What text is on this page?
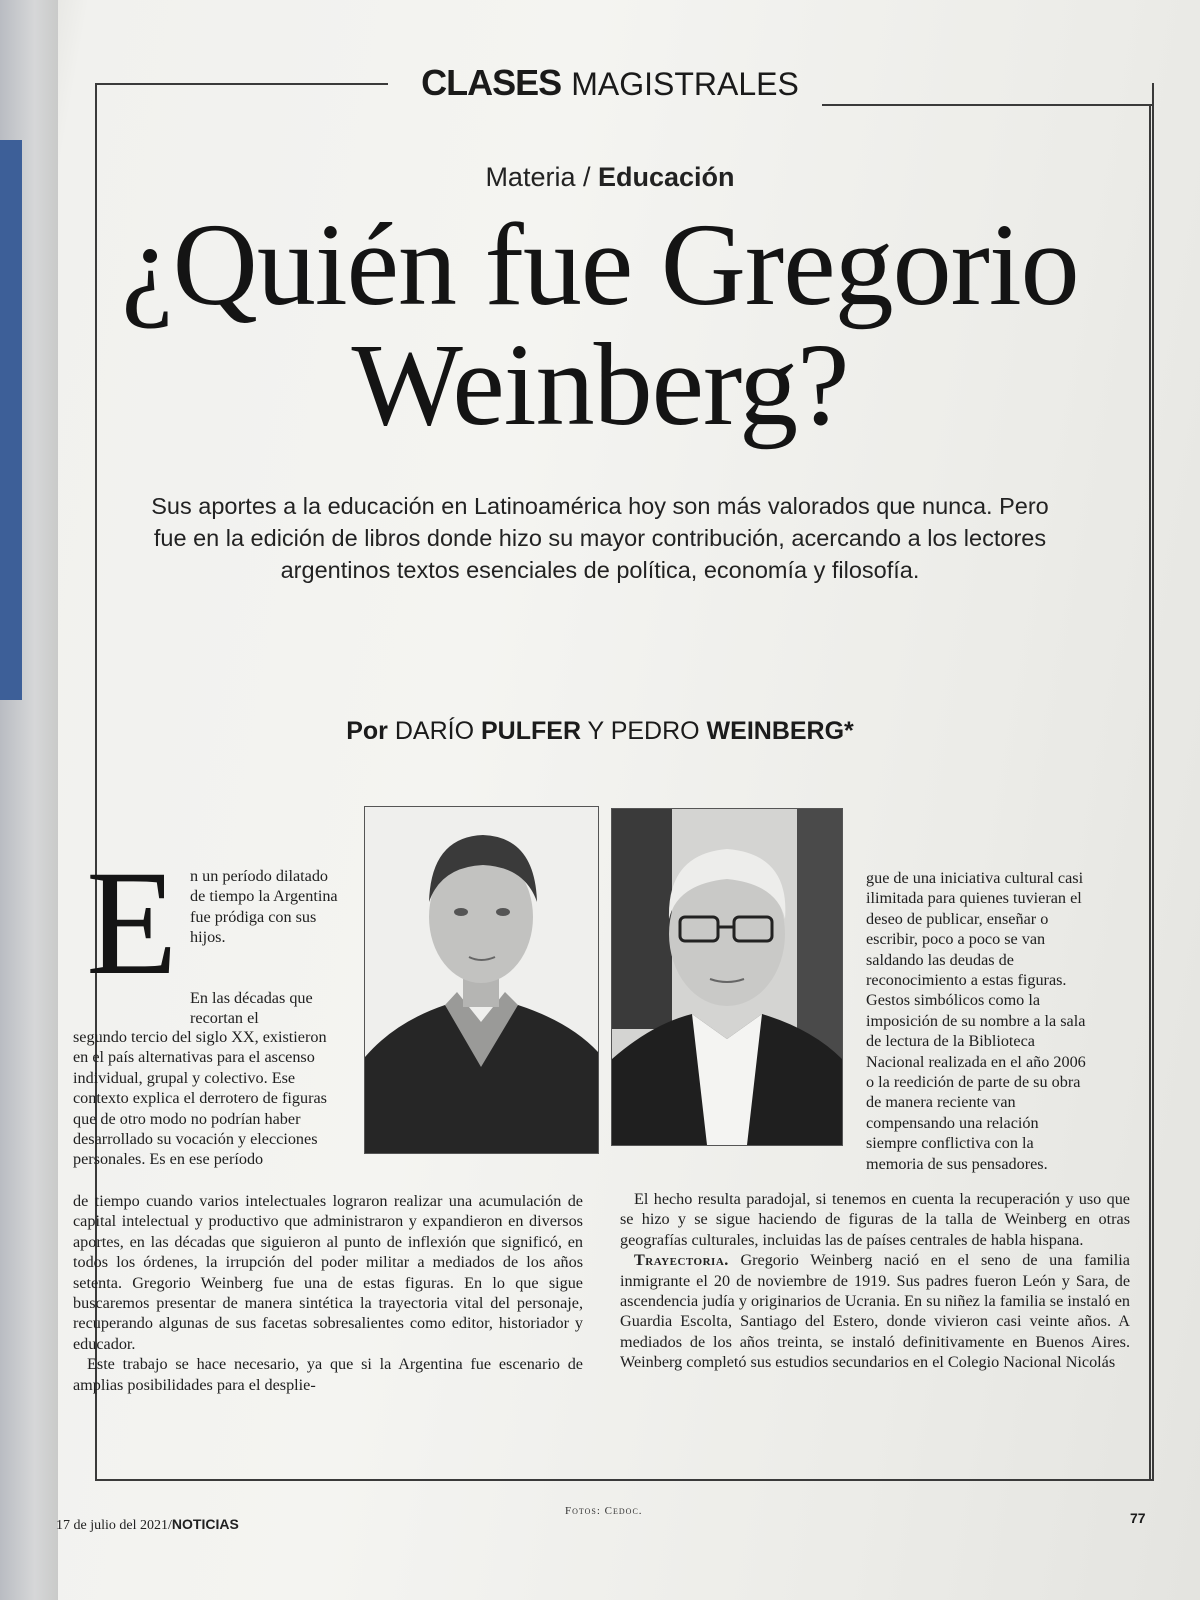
CLASES MAGISTRALES
Materia / Educación
¿Quién fue Gregorio
Weinberg?
Sus aportes a la educación en Latinoamérica hoy son más valorados que nunca. Pero fue en la edición de libros donde hizo su mayor contribución, acercando a los lectores argentinos textos esenciales de política, economía y filosofía.
Por DARÍO PULFER Y PEDRO WEINBERG*
E n un período dilatado de tiempo la Argentina fue pródiga con sus hijos.
En las décadas que recortan el
segundo tercio del siglo XX, existieron en el país alternativas para el ascenso individual, grupal y colectivo. Ese contexto explica el derrotero de figuras que de otro modo no podrían haber desarrollado su vocación y elecciones personales. Es en ese período

de tiempo cuando varios intelectuales lograron realizar una acumulación de capital intelectual y productivo que administraron y expandieron en diversos aportes, en las décadas que siguieron al punto de inflexión que significó, en todos los órdenes, la irrupción del poder militar a mediados de los años setenta. Gregorio Weinberg fue una de estas figuras. En lo que sigue buscaremos presentar de manera sintética la trayectoria vital del personaje, recuperando algunas de sus facetas sobresalientes como editor, historiador y educador.

Este trabajo se hace necesario, ya que si la Argentina fue escenario de amplias posibilidades para el desplie-

gue de una iniciativa cultural casi ilimitada para quienes tuvieran el deseo de publicar, enseñar o escribir, poco a poco se van saldando las deudas de reconocimiento a estas figuras. Gestos simbólicos como la imposición de su nombre a la sala de lectura de la Biblioteca Nacional realizada en el año 2006 o la reedición de parte de su obra de manera reciente van compensando una relación siempre conflictiva con la memoria de sus pensadores.

El hecho resulta paradojal, si tenemos en cuenta la recuperación y uso que se hizo y se sigue haciendo de figuras de la talla de Weinberg en otras geografías culturales, incluidas las de países centrales de habla hispana.

Trayectoria. Gregorio Weinberg nació en el seno de una familia inmigrante el 20 de noviembre de 1919. Sus padres fueron León y Sara, de ascendencia judía y originarios de Ucrania. En su niñez la familia se instaló en Guardia Escolta, Santiago del Estero, donde vivieron casi veinte años. A mediados de los años treinta, se instaló definitivamente en Buenos Aires. Weinberg completó sus estudios secundarios en el Colegio Nacional Nicolás

Fotos: Cedoc.
17 de julio del 2021/NOTICIAS	77
